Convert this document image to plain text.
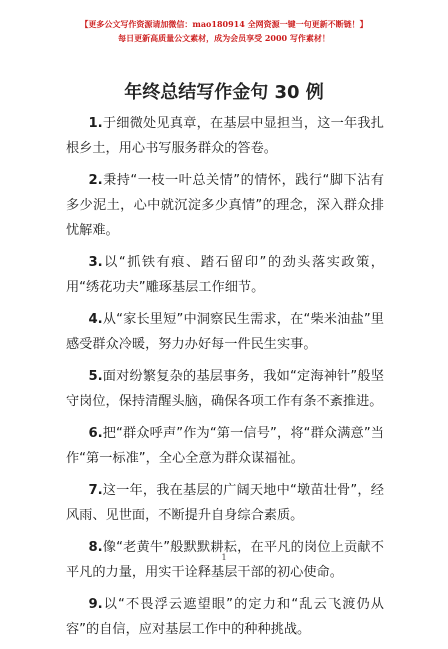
【更多公文写作资源请加微信：mao180914 全网资源一键一句更新不断链！】
每日更新高质量公文素材，成为会员享受 2000 写作素材！
年终总结写作金句 30 例

1.于细微处见真章，在基层中显担当，这一年我扎根乡土，用心书写服务群众的答卷。

2.秉持“一枝一叶总关情”的情怀，践行“脚下沾有多少泥土，心中就沉淀多少真情”的理念，深入群众排忧解难。

3.以“抓铁有痕、踏石留印”的劲头落实政策，用“绣花功夫”雕琢基层工作细节。

4.从“家长里短”中洞察民生需求，在“柴米油盐”里感受群众冷暖，努力办好每一件民生实事。

5.面对纷繁复杂的基层事务，我如“定海神针”般坚守岗位，保持清醒头脑，确保各项工作有条不紊推进。

6.把“群众呼声”作为“第一信号”，将“群众满意”当作“第一标准”，全心全意为群众谋福祉。

7.这一年，我在基层的广阔天地中“墩苗壮骨”，经风雨、见世面，不断提升自身综合素质。

8.像“老黄牛”般默默耕耘，在平凡的岗位上贡献不平凡的力量，用实干诠释基层干部的初心使命。

9.以“不畏浮云遮望眼”的定力和“乱云飞渡仍从容”的自信，应对基层工作中的种种挑战。

1
